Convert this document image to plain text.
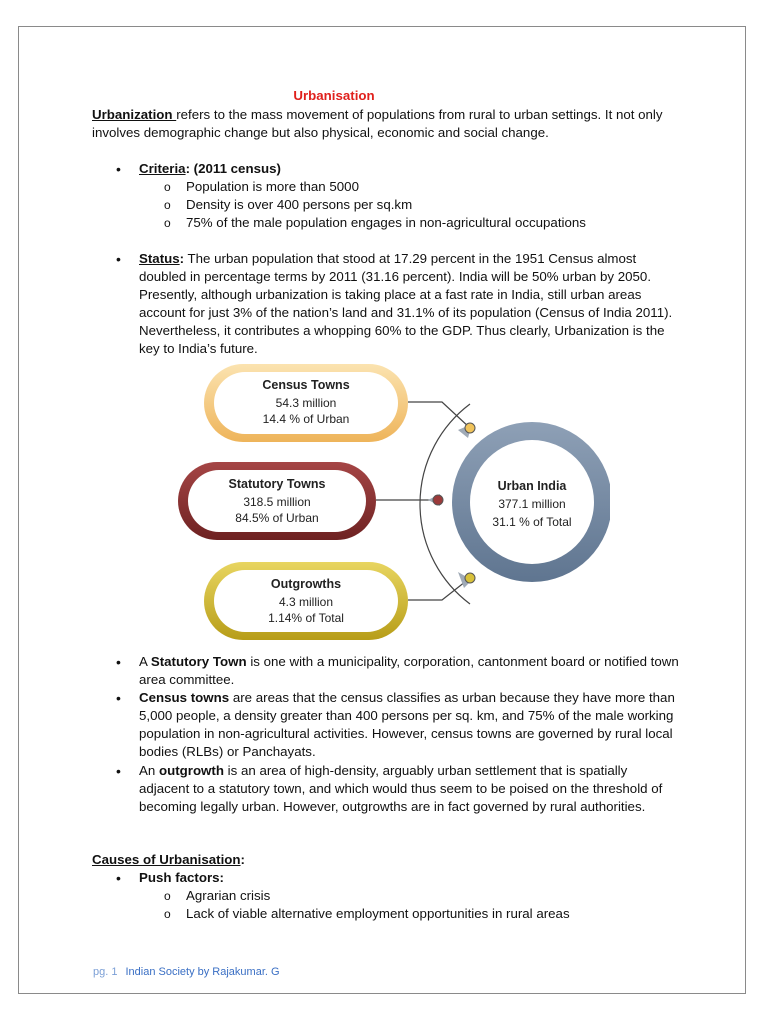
Urbanisation
Urbanization refers to the mass movement of populations from rural to urban settings. It not only involves demographic change but also physical, economic and social change.
• Criteria: (2011 census)
o Population is more than 5000
o Density is over 400 persons per sq.km
o 75% of the male population engages in non-agricultural occupations
• Status: The urban population that stood at 17.29 percent in the 1951 Census almost doubled in percentage terms by 2011 (31.16 percent). India will be 50% urban by 2050. Presently, although urbanization is taking place at a fast rate in India, still urban areas account for just 3% of the nation’s land and 31.1% of its population (Census of India 2011). Nevertheless, it contributes a whopping 60% to the GDP. Thus clearly, Urbanization is the key to India’s future.
Urban India
377.1 million
31.1 % of Total
Census Towns
54.3 million
14.4 % of Urban
Statutory Towns
318.5 million
84.5% of Urban
Outgrowths
4.3 million
1.14% of Total
• A Statutory Town is one with a municipality, corporation, cantonment board or notified town area committee.
• Census towns are areas that the census classifies as urban because they have more than 5,000 people, a density greater than 400 persons per sq. km, and 75% of the male working population in non-agricultural activities. However, census towns are governed by rural local bodies (RLBs) or Panchayats.
• An outgrowth is an area of high-density, arguably urban settlement that is spatially adjacent to a statutory town, and which would thus seem to be poised on the threshold of becoming legally urban. However, outgrowths are in fact governed by rural authorities.
Causes of Urbanisation:
• Push factors:
o Agrarian crisis
o Lack of viable alternative employment opportunities in rural areas
pg. 1 Indian Society by Rajakumar. G
